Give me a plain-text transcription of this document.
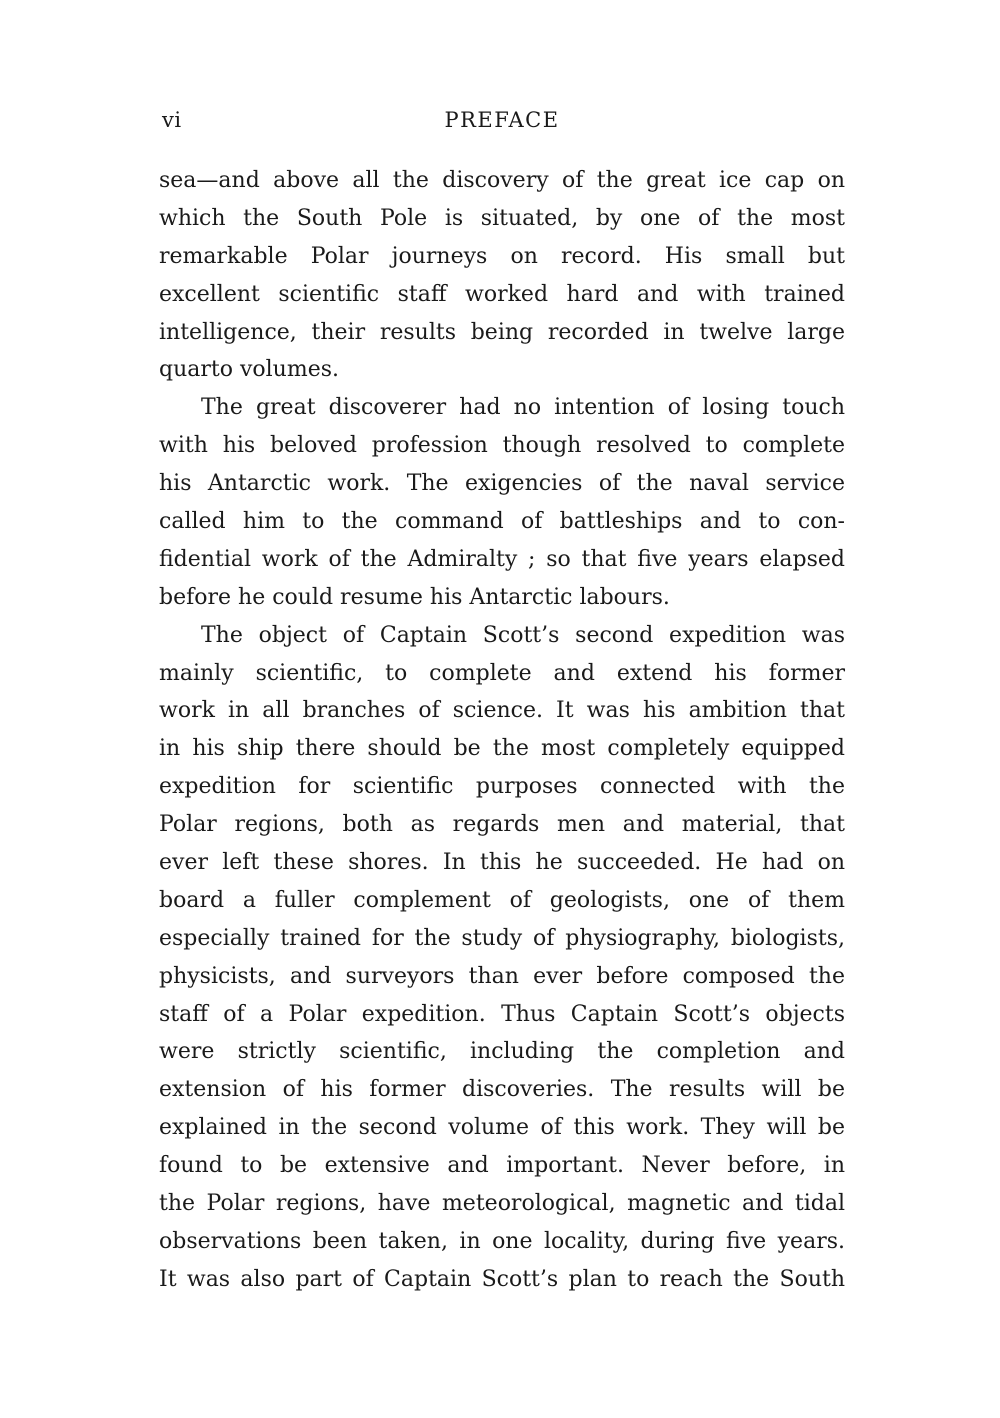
vi	PREFACE

sea—and above all the discovery of the great ice cap on
which the South Pole is situated, by one of the most
remarkable Polar journeys on record. His small but
excellent scientific staff worked hard and with trained
intelligence, their results being recorded in twelve large
quarto volumes.

The great discoverer had no intention of losing touch
with his beloved profession though resolved to complete
his Antarctic work. The exigencies of the naval service
called him to the command of battleships and to con-
fidential work of the Admiralty ; so that five years elapsed
before he could resume his Antarctic labours.

The object of Captain Scott’s second expedition was
mainly scientific, to complete and extend his former
work in all branches of science. It was his ambition that
in his ship there should be the most completely equipped
expedition for scientific purposes connected with the
Polar regions, both as regards men and material, that
ever left these shores. In this he succeeded. He had on
board a fuller complement of geologists, one of them
especially trained for the study of physiography, biologists,
physicists, and surveyors than ever before composed the
staff of a Polar expedition. Thus Captain Scott’s objects
were strictly scientific, including the completion and
extension of his former discoveries. The results will be
explained in the second volume of this work. They will be
found to be extensive and important. Never before, in
the Polar regions, have meteorological, magnetic and tidal
observations been taken, in one locality, during five years.
It was also part of Captain Scott’s plan to reach the South
